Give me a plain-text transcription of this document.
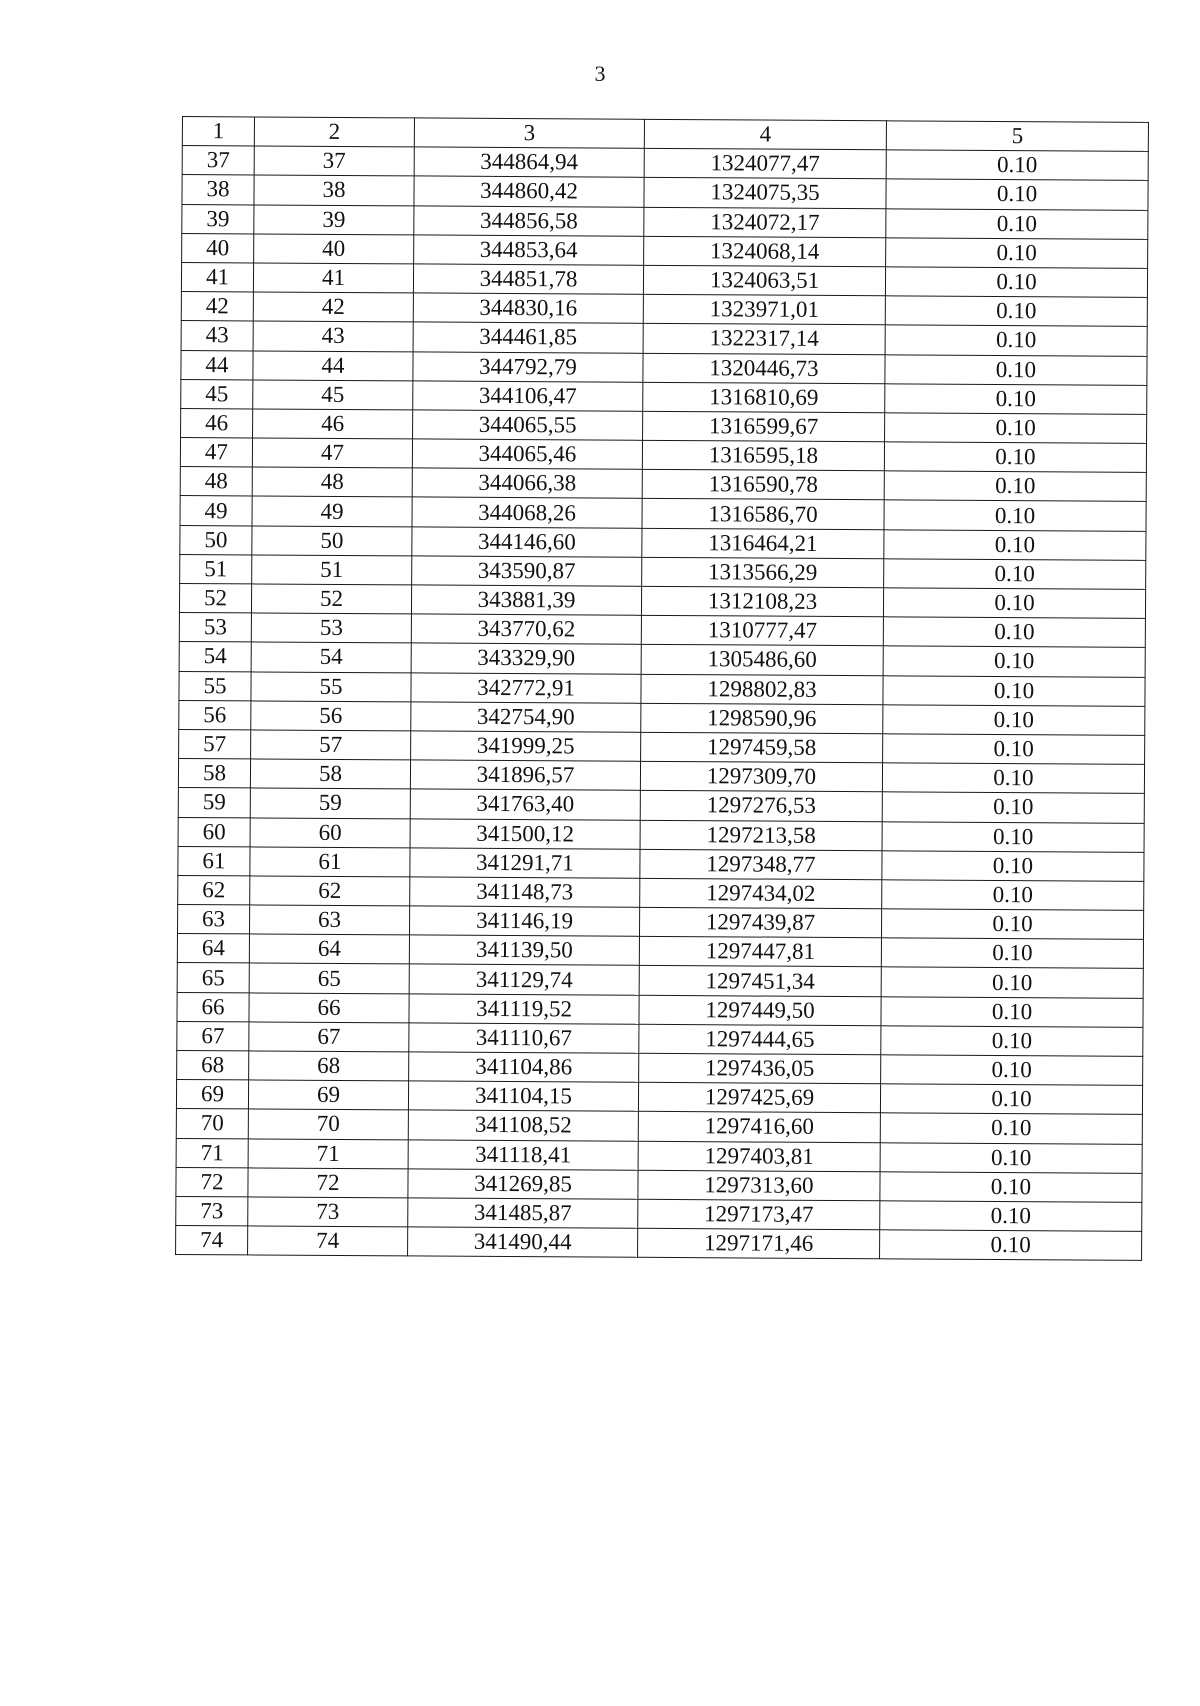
3
1	2	3	4	5
37	37	344864,94	1324077,47	0.10
38	38	344860,42	1324075,35	0.10
39	39	344856,58	1324072,17	0.10
40	40	344853,64	1324068,14	0.10
41	41	344851,78	1324063,51	0.10
42	42	344830,16	1323971,01	0.10
43	43	344461,85	1322317,14	0.10
44	44	344792,79	1320446,73	0.10
45	45	344106,47	1316810,69	0.10
46	46	344065,55	1316599,67	0.10
47	47	344065,46	1316595,18	0.10
48	48	344066,38	1316590,78	0.10
49	49	344068,26	1316586,70	0.10
50	50	344146,60	1316464,21	0.10
51	51	343590,87	1313566,29	0.10
52	52	343881,39	1312108,23	0.10
53	53	343770,62	1310777,47	0.10
54	54	343329,90	1305486,60	0.10
55	55	342772,91	1298802,83	0.10
56	56	342754,90	1298590,96	0.10
57	57	341999,25	1297459,58	0.10
58	58	341896,57	1297309,70	0.10
59	59	341763,40	1297276,53	0.10
60	60	341500,12	1297213,58	0.10
61	61	341291,71	1297348,77	0.10
62	62	341148,73	1297434,02	0.10
63	63	341146,19	1297439,87	0.10
64	64	341139,50	1297447,81	0.10
65	65	341129,74	1297451,34	0.10
66	66	341119,52	1297449,50	0.10
67	67	341110,67	1297444,65	0.10
68	68	341104,86	1297436,05	0.10
69	69	341104,15	1297425,69	0.10
70	70	341108,52	1297416,60	0.10
71	71	341118,41	1297403,81	0.10
72	72	341269,85	1297313,60	0.10
73	73	341485,87	1297173,47	0.10
74	74	341490,44	1297171,46	0.10
